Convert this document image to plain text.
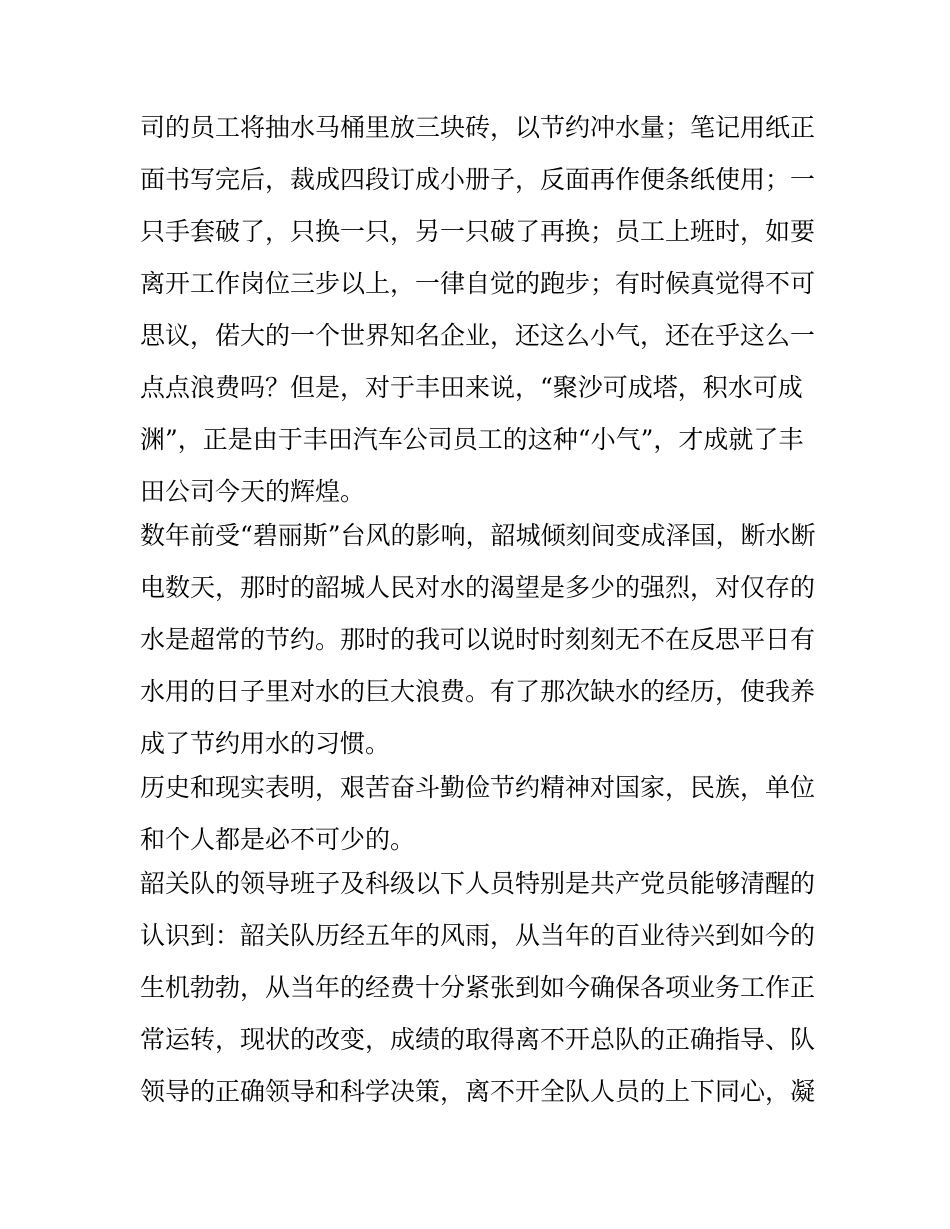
司的员工将抽水马桶里放三块砖，以节约冲水量；笔记用纸正
面书写完后，裁成四段订成小册子，反面再作便条纸使用；一
只手套破了，只换一只，另一只破了再换；员工上班时，如要
离开工作岗位三步以上，一律自觉的跑步；有时候真觉得不可
思议，偌大的一个世界知名企业，还这么小气，还在乎这么一
点点浪费吗？但是，对于丰田来说，“聚沙可成塔，积水可成
渊”，正是由于丰田汽车公司员工的这种“小气”，才成就了丰
田公司今天的辉煌。
数年前受“碧丽斯”台风的影响，韶城倾刻间变成泽国，断水断
电数天，那时的韶城人民对水的渴望是多少的强烈，对仅存的
水是超常的节约。那时的我可以说时时刻刻无不在反思平日有
水用的日子里对水的巨大浪费。有了那次缺水的经历，使我养
成了节约用水的习惯。
历史和现实表明，艰苦奋斗勤俭节约精神对国家，民族，单位
和个人都是必不可少的。
韶关队的领导班子及科级以下人员特别是共产党员能够清醒的
认识到：韶关队历经五年的风雨，从当年的百业待兴到如今的
生机勃勃，从当年的经费十分紧张到如今确保各项业务工作正
常运转，现状的改变，成绩的取得离不开总队的正确指导、队
领导的正确领导和科学决策，离不开全队人员的上下同心，凝
